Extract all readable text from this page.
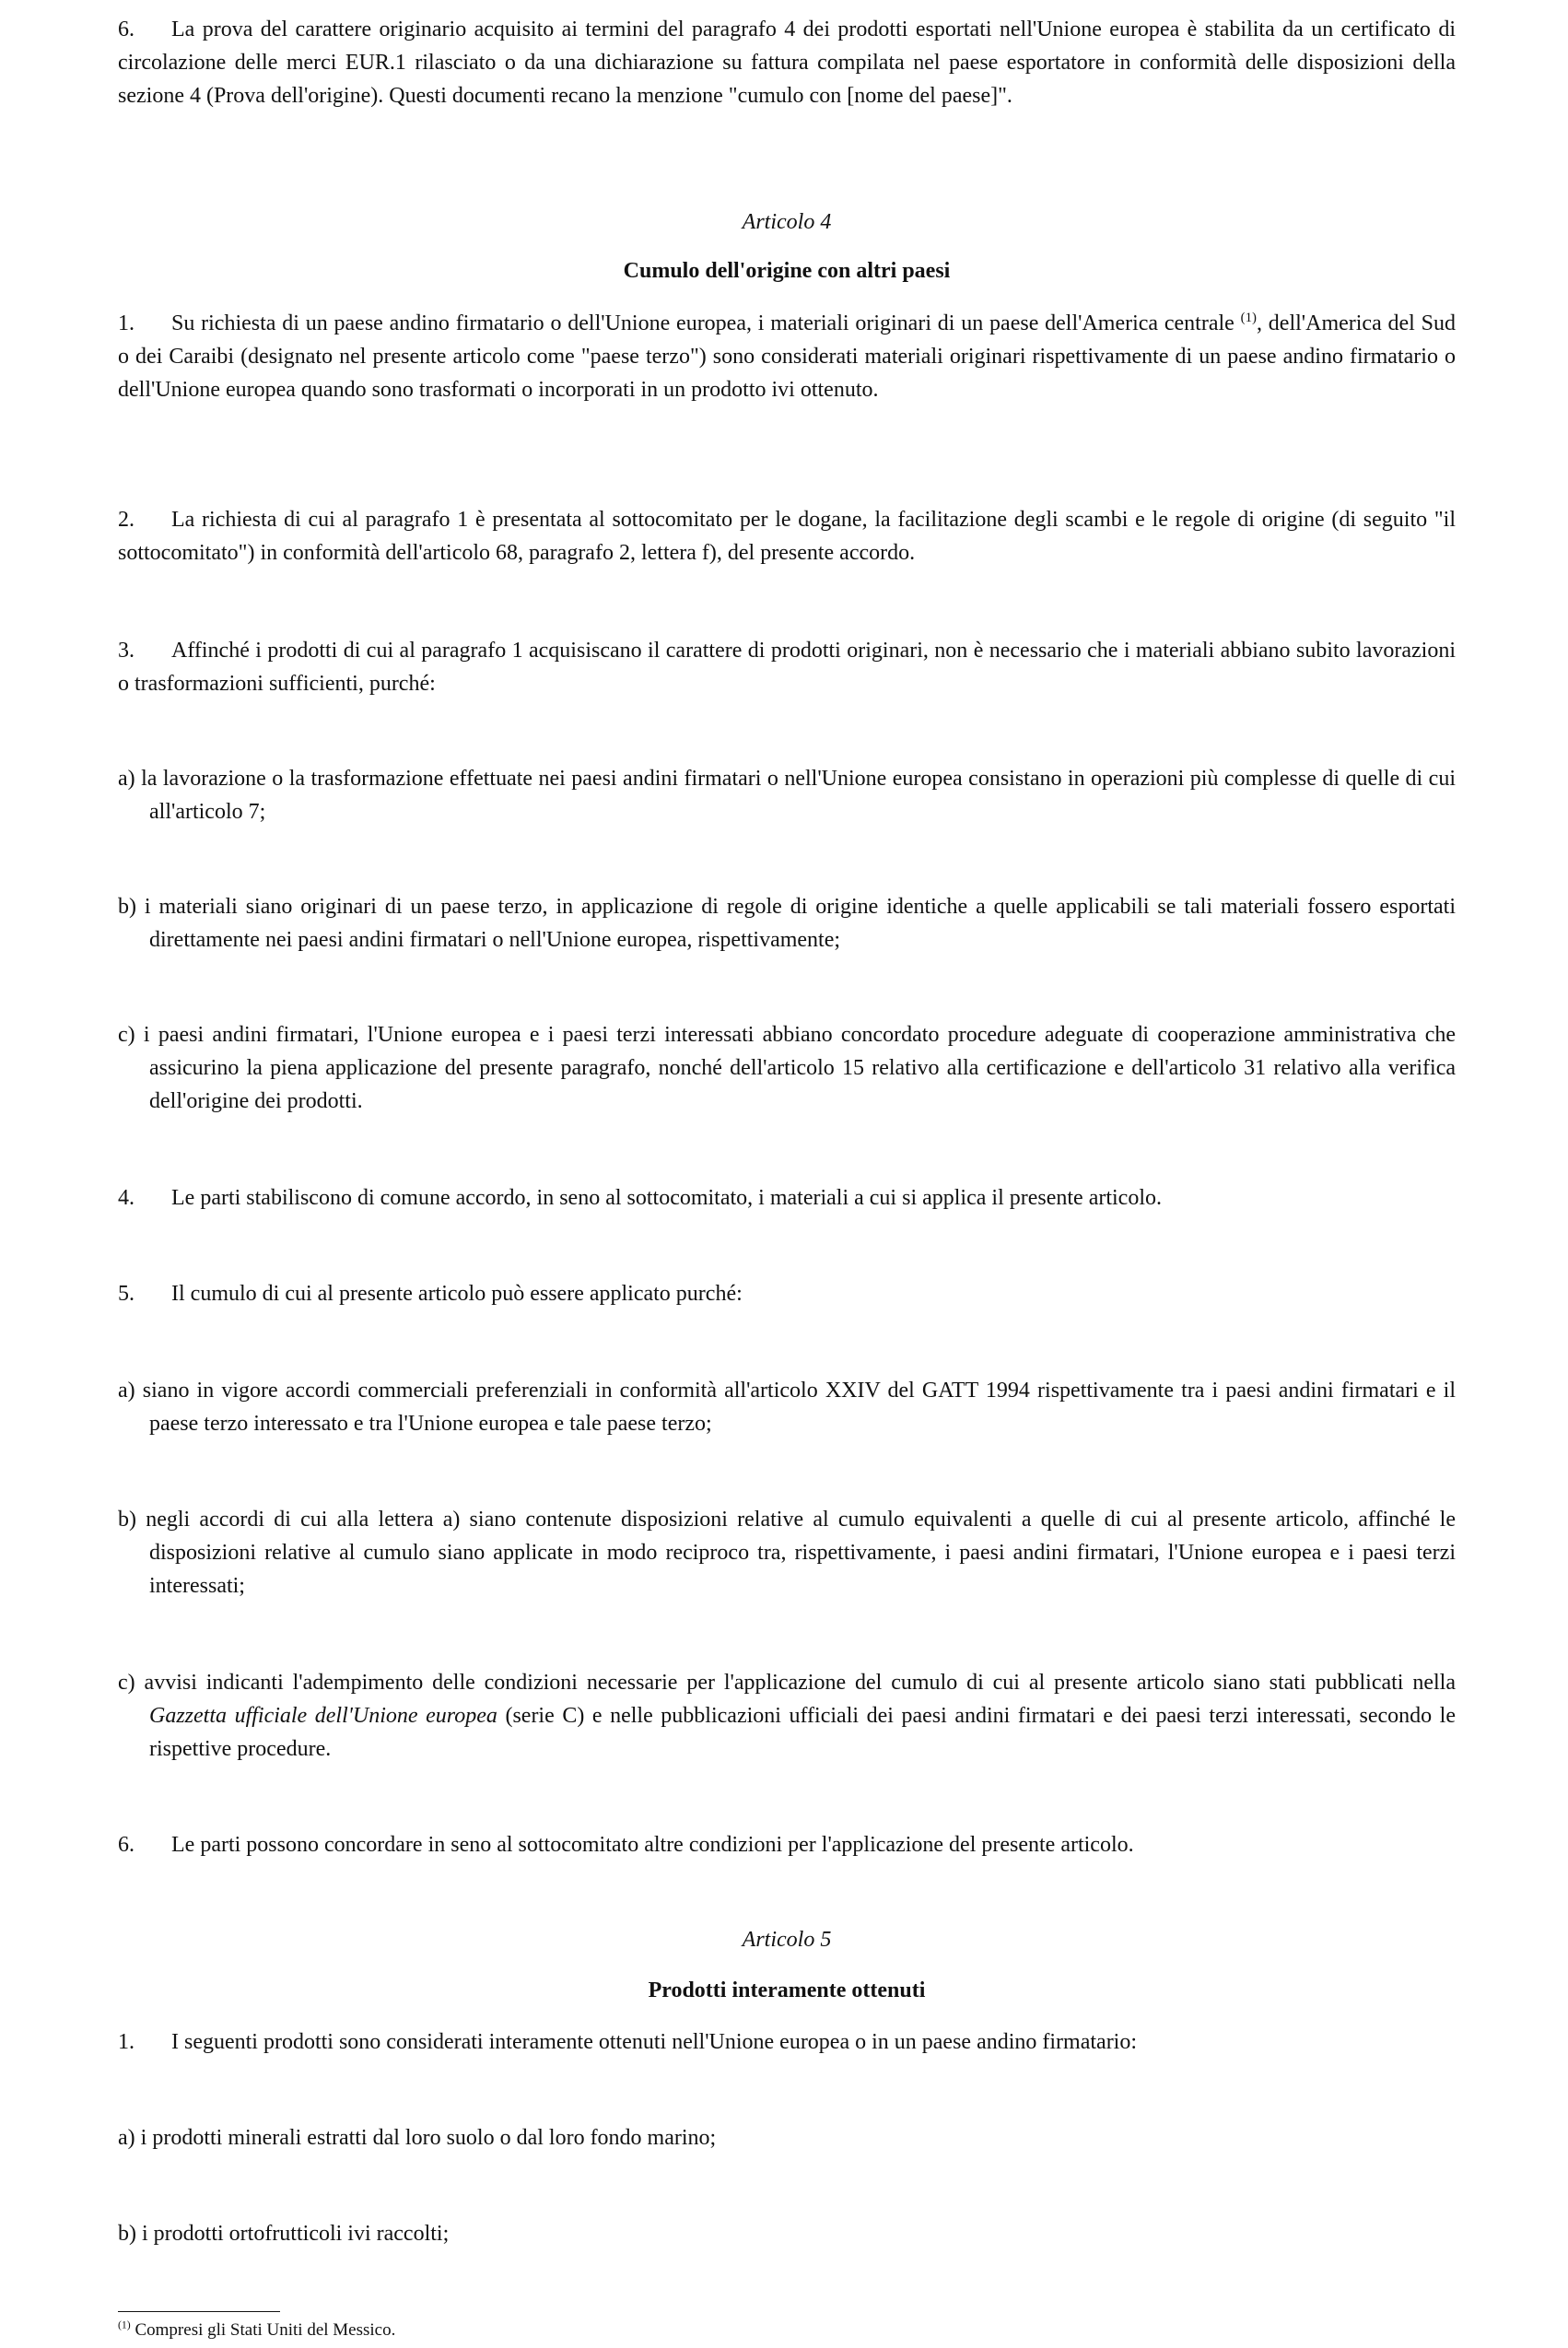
6. La prova del carattere originario acquisito ai termini del paragrafo 4 dei prodotti esportati nell'Unione europea è stabilita da un certificato di circolazione delle merci EUR.1 rilasciato o da una dichiarazione su fattura compilata nel paese esportatore in conformità delle disposizioni della sezione 4 (Prova dell'origine). Questi documenti recano la menzione "cumulo con [nome del paese]".
Articolo 4
Cumulo dell'origine con altri paesi
1. Su richiesta di un paese andino firmatario o dell'Unione europea, i materiali originari di un paese dell'America centrale $^{(1)}$, dell'America del Sud o dei Caraibi (designato nel presente articolo come "paese terzo") sono considerati materiali originari rispettivamente di un paese andino firmatario o dell'Unione europea quando sono trasformati o incorporati in un prodotto ivi ottenuto.
2. La richiesta di cui al paragrafo 1 è presentata al sottocomitato per le dogane, la facilitazione degli scambi e le regole di origine (di seguito "il sottocomitato") in conformità dell'articolo 68, paragrafo 2, lettera f), del presente accordo.
3. Affinché i prodotti di cui al paragrafo 1 acquisiscano il carattere di prodotti originari, non è necessario che i materiali abbiano subito lavorazioni o trasformazioni sufficienti, purché:
a) la lavorazione o la trasformazione effettuate nei paesi andini firmatari o nell'Unione europea consistano in operazioni più complesse di quelle di cui all'articolo 7;
b) i materiali siano originari di un paese terzo, in applicazione di regole di origine identiche a quelle applicabili se tali materiali fossero esportati direttamente nei paesi andini firmatari o nell'Unione europea, rispettivamente;
c) i paesi andini firmatari, l'Unione europea e i paesi terzi interessati abbiano concordato procedure adeguate di cooperazione amministrativa che assicurino la piena applicazione del presente paragrafo, nonché dell'articolo 15 relativo alla certificazione e dell'articolo 31 relativo alla verifica dell'origine dei prodotti.
4. Le parti stabiliscono di comune accordo, in seno al sottocomitato, i materiali a cui si applica il presente articolo.
5. Il cumulo di cui al presente articolo può essere applicato purché:
a) siano in vigore accordi commerciali preferenziali in conformità all'articolo XXIV del GATT 1994 rispettivamente tra i paesi andini firmatari e il paese terzo interessato e tra l'Unione europea e tale paese terzo;
b) negli accordi di cui alla lettera a) siano contenute disposizioni relative al cumulo equivalenti a quelle di cui al presente articolo, affinché le disposizioni relative al cumulo siano applicate in modo reciproco tra, rispettivamente, i paesi andini firmatari, l'Unione europea e i paesi terzi interessati;
c) avvisi indicanti l'adempimento delle condizioni necessarie per l'applicazione del cumulo di cui al presente articolo siano stati pubblicati nella Gazzetta ufficiale dell'Unione europea (serie C) e nelle pubblicazioni ufficiali dei paesi andini firmatari e dei paesi terzi interessati, secondo le rispettive procedure.
6. Le parti possono concordare in seno al sottocomitato altre condizioni per l'applicazione del presente articolo.
Articolo 5
Prodotti interamente ottenuti
1. I seguenti prodotti sono considerati interamente ottenuti nell'Unione europea o in un paese andino firmatario:
a) i prodotti minerali estratti dal loro suolo o dal loro fondo marino;
b) i prodotti ortofrutticoli ivi raccolti;
$^{(1)}$ Compresi gli Stati Uniti del Messico.
